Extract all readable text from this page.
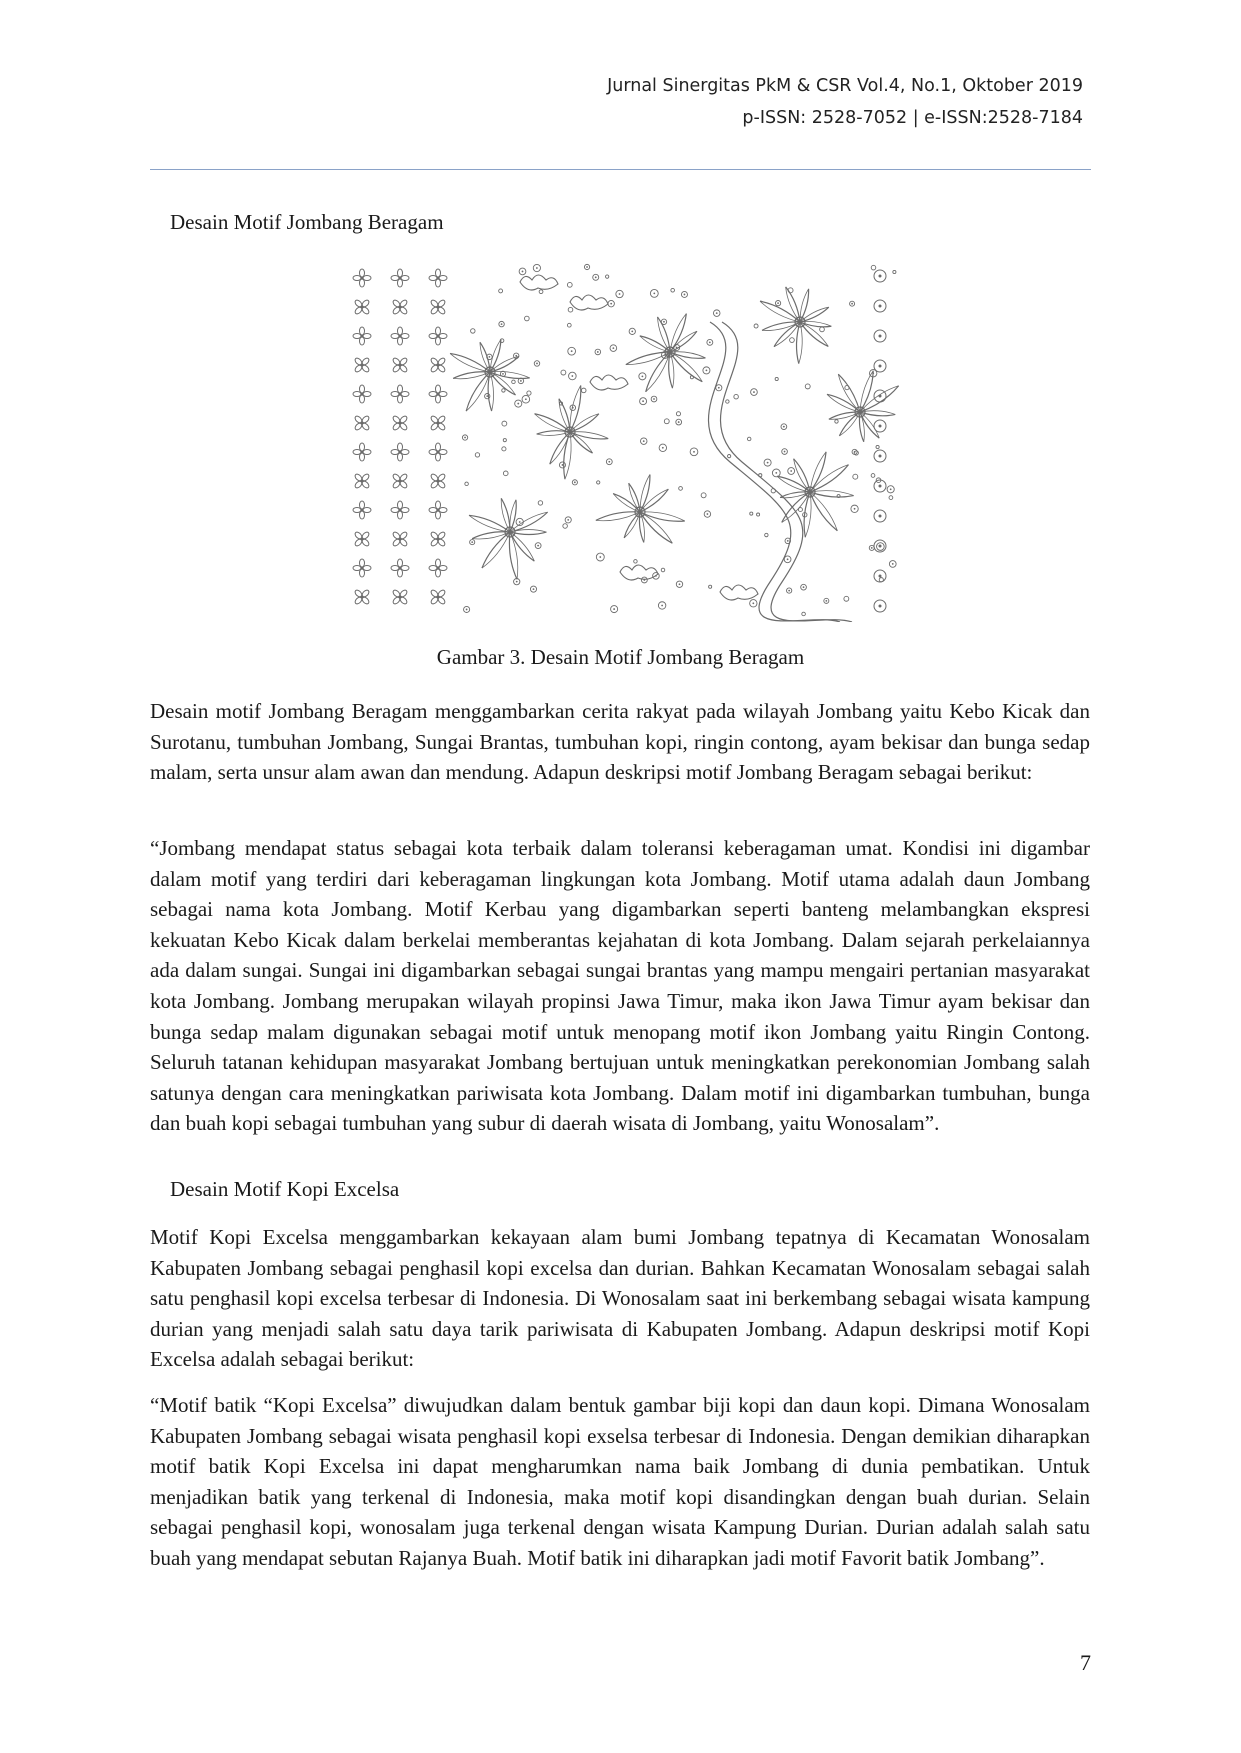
Jurnal Sinergitas PkM & CSR Vol.4, No.1, Oktober 2019
p-ISSN: 2528-7052 | e-ISSN:2528-7184
Desain Motif Jombang Beragam
Gambar 3. Desain Motif Jombang Beragam

Desain motif Jombang Beragam menggambarkan cerita rakyat pada wilayah Jombang yaitu Kebo Kicak dan Surotanu, tumbuhan Jombang, Sungai Brantas, tumbuhan kopi, ringin contong, ayam bekisar dan bunga sedap malam, serta unsur alam awan dan mendung. Adapun deskripsi motif Jombang Beragam sebagai berikut:

“Jombang mendapat status sebagai kota terbaik dalam toleransi keberagaman umat. Kondisi ini digambar dalam motif yang terdiri dari keberagaman lingkungan kota Jombang. Motif utama adalah daun Jombang sebagai nama kota Jombang. Motif Kerbau yang digambarkan seperti banteng melambangkan ekspresi kekuatan Kebo Kicak dalam berkelai memberantas kejahatan di kota Jombang. Dalam sejarah perkelaiannya ada dalam sungai. Sungai ini digambarkan sebagai sungai brantas yang mampu mengairi pertanian masyarakat kota Jombang. Jombang merupakan wilayah propinsi Jawa Timur, maka ikon Jawa Timur ayam bekisar dan bunga sedap malam digunakan sebagai motif untuk menopang motif ikon Jombang yaitu Ringin Contong. Seluruh tatanan kehidupan masyarakat Jombang bertujuan untuk meningkatkan perekonomian Jombang salah satunya dengan cara meningkatkan pariwisata kota Jombang. Dalam motif ini digambarkan tumbuhan, bunga dan buah kopi sebagai tumbuhan yang subur di daerah wisata di Jombang, yaitu Wonosalam”.

Desain Motif Kopi Excelsa

Motif Kopi Excelsa menggambarkan kekayaan alam bumi Jombang tepatnya di Kecamatan Wonosalam Kabupaten Jombang sebagai penghasil kopi excelsa dan durian. Bahkan Kecamatan Wonosalam sebagai salah satu penghasil kopi excelsa terbesar di Indonesia. Di Wonosalam saat ini berkembang sebagai wisata kampung durian yang menjadi salah satu daya tarik pariwisata di Kabupaten Jombang. Adapun deskripsi motif Kopi Excelsa adalah sebagai berikut:

“Motif batik “Kopi Excelsa” diwujudkan dalam bentuk gambar biji kopi dan daun kopi. Dimana Wonosalam Kabupaten Jombang sebagai wisata penghasil kopi exselsa terbesar di Indonesia. Dengan demikian diharapkan motif batik Kopi Excelsa ini dapat mengharumkan nama baik Jombang di dunia pembatikan. Untuk menjadikan batik yang terkenal di Indonesia, maka motif kopi disandingkan dengan buah durian. Selain sebagai penghasil kopi, wonosalam juga terkenal dengan wisata Kampung Durian. Durian adalah salah satu buah yang mendapat sebutan Rajanya Buah. Motif batik ini diharapkan jadi motif Favorit batik Jombang”.

7
